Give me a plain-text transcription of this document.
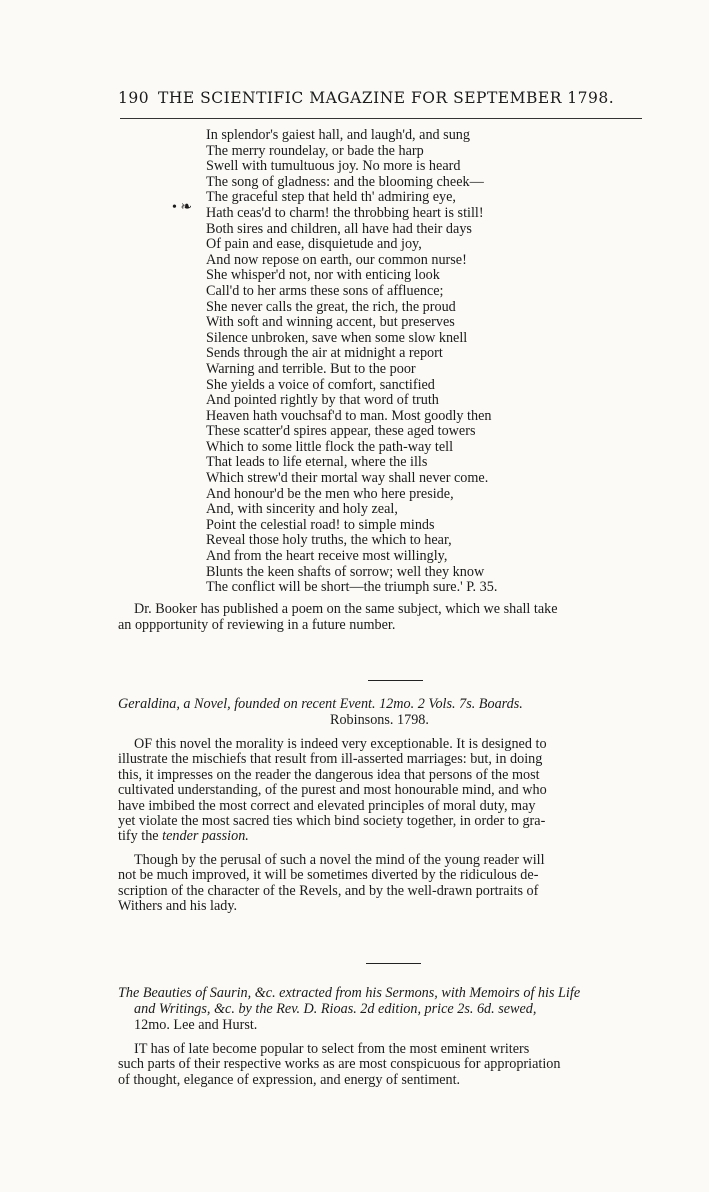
190 THE SCIENTIFIC MAGAZINE FOR SEPTEMBER 1798.
• ❧
In splendor's gaiest hall, and laugh'd, and sung
The merry roundelay, or bade the harp
Swell with tumultuous joy. No more is heard
The song of gladness: and the blooming cheek—
The graceful step that held th' admiring eye,
Hath ceas'd to charm! the throbbing heart is still!
Both sires and children, all have had their days
Of pain and ease, disquietude and joy,
And now repose on earth, our common nurse!
She whisper'd not, nor with enticing look
Call'd to her arms these sons of affluence;
She never calls the great, the rich, the proud
With soft and winning accent, but preserves
Silence unbroken, save when some slow knell
Sends through the air at midnight a report
Warning and terrible. But to the poor
She yields a voice of comfort, sanctified
And pointed rightly by that word of truth
Heaven hath vouchsaf'd to man. Most goodly then
These scatter'd spires appear, these aged towers
Which to some little flock the path-way tell
That leads to life eternal, where the ills
Which strew'd their mortal way shall never come.
And honour'd be the men who here preside,
And, with sincerity and holy zeal,
Point the celestial road! to simple minds
Reveal those holy truths, the which to hear,
And from the heart receive most willingly,
Blunts the keen shafts of sorrow; well they know
The conflict will be short—the triumph sure.' P. 35.
Dr. Booker has published a poem on the same subject, which we shall take
an oppportunity of reviewing in a future number.
Geraldina, a Novel, founded on recent Event. 12mo. 2 Vols. 7s. Boards.
Robinsons. 1798.
OF this novel the morality is indeed very exceptionable. It is designed to
illustrate the mischiefs that result from ill-asserted marriages: but, in doing
this, it impresses on the reader the dangerous idea that persons of the most
cultivated understanding, of the purest and most honourable mind, and who
have imbibed the most correct and elevated principles of moral duty, may
yet violate the most sacred ties which bind society together, in order to gra-
tify the tender passion.
Though by the perusal of such a novel the mind of the young reader will
not be much improved, it will be sometimes diverted by the ridiculous de-
scription of the character of the Revels, and by the well-drawn portraits of
Withers and his lady.
The Beauties of Saurin, &c. extracted from his Sermons, with Memoirs of his Life
and Writings, &c. by the Rev. D. Rioas. 2d edition, price 2s. 6d. sewed,
12mo. Lee and Hurst.
IT has of late become popular to select from the most eminent writers
such parts of their respective works as are most conspicuous for appropriation
of thought, elegance of expression, and energy of sentiment.
